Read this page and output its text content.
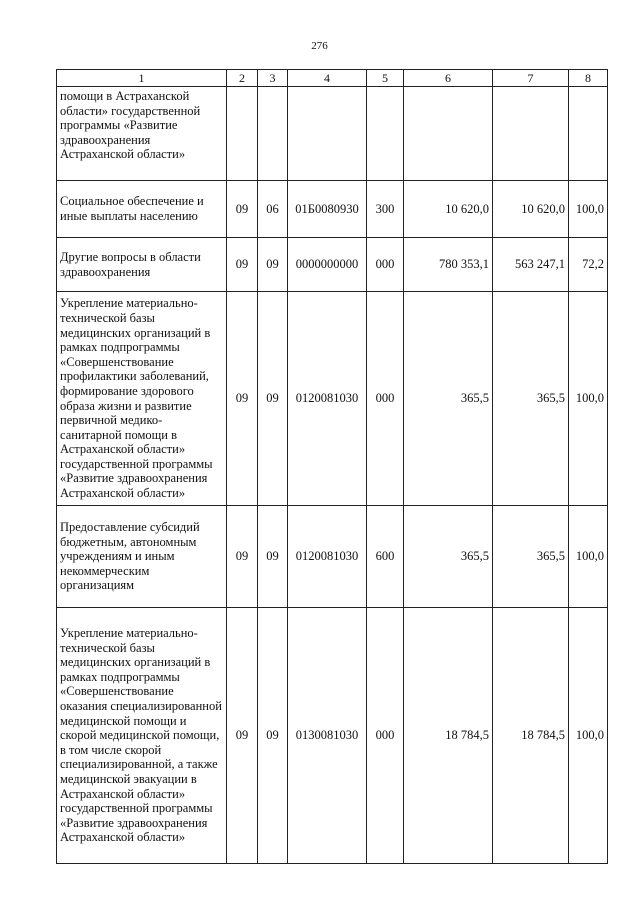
276
1	2	3	4	5	6	7	8
помощи в Астраханской области» государственной программы «Развитие здравоохранения Астраханской области»							
Социальное обеспечение и иные выплаты населению	09	06	01Б0080930	300	10 620,0	10 620,0	100,0
Другие вопросы в области здравоохранения	09	09	0000000000	000	780 353,1	563 247,1	72,2
Укрепление материально-технической базы медицинских организаций в рамках подпрограммы «Совершенствование профилактики заболеваний, формирование здорового образа жизни и развитие первичной медико-санитарной помощи в Астраханской области» государственной программы «Развитие здравоохранения Астраханской области»	09	09	0120081030	000	365,5	365,5	100,0
Предоставление субсидий бюджетным, автономным учреждениям и иным некоммерческим организациям	09	09	0120081030	600	365,5	365,5	100,0
Укрепление материально-технической базы медицинских организаций в рамках подпрограммы «Совершенствование оказания специализированной медицинской помощи и скорой медицинской помощи, в том числе скорой специализированной, а также медицинской эвакуации в Астраханской области» государственной программы «Развитие здравоохранения Астраханской области»	09	09	0130081030	000	18 784,5	18 784,5	100,0
